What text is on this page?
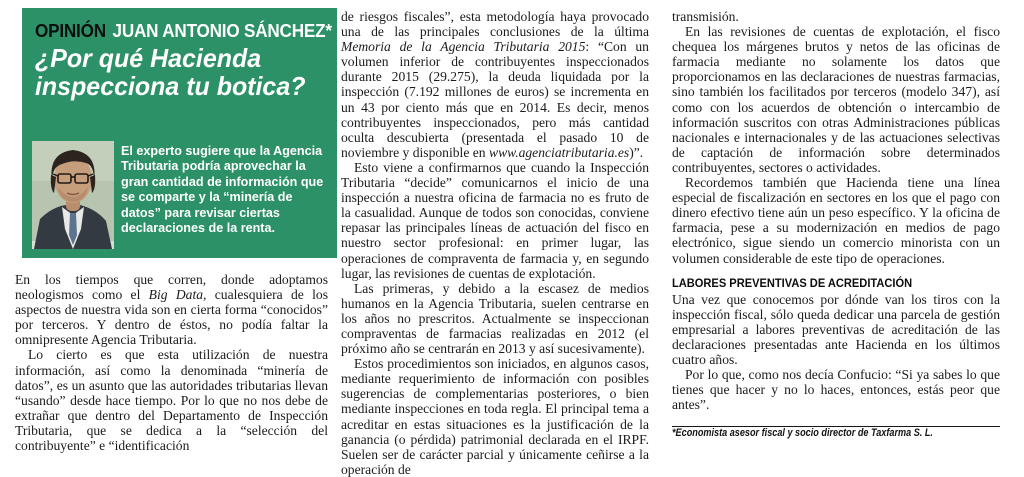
OPINIÓN JUAN ANTONIO SÁNCHEZ*
¿Por qué Hacienda
inspecciona tu botica?
El experto sugiere que la Agencia Tributaria podría aprovechar la gran cantidad de información que se comparte y la “minería de datos” para revisar ciertas declaraciones de la renta.

En los tiempos que corren, donde adoptamos neologismos como el Big Data, cualesquiera de los aspectos de nuestra vida son en cierta forma “conocidos” por terceros. Y dentro de éstos, no podía faltar la omnipresente Agencia Tributaria.

Lo cierto es que esta utilización de nuestra información, así como la denominada “minería de datos”, es un asunto que las autoridades tributarias llevan “usando” desde hace tiempo. Por lo que no nos debe de extrañar que dentro del Departamento de Inspección Tributaria, que se dedica a la “selección del contribuyente” e “identificación

de riesgos fiscales”, esta metodología haya provocado una de las principales conclusiones de la última Memoria de la Agencia Tributaria 2015: “Con un volumen inferior de contribuyentes inspeccionados durante 2015 (29.275), la deuda liquidada por la inspección (7.192 millones de euros) se incrementa en un 43 por ciento más que en 2014. Es decir, menos contribuyentes inspeccionados, pero más cantidad oculta descubierta (presentada el pasado 10 de noviembre y disponible en www.agenciatributaria.es)”.

Esto viene a confirmarnos que cuando la Inspección Tributaria “decide” comunicarnos el inicio de una inspección a nuestra oficina de farmacia no es fruto de la casualidad. Aunque de todos son conocidas, conviene repasar las principales líneas de actuación del fisco en nuestro sector profesional: en primer lugar, las operaciones de compraventa de farmacia y, en segundo lugar, las revisiones de cuentas de explotación.

Las primeras, y debido a la escasez de medios humanos en la Agencia Tributaria, suelen centrarse en los años no prescritos. Actualmente se inspeccionan compraventas de farmacias realizadas en 2012 (el próximo año se centrarán en 2013 y así sucesivamente).

Estos procedimientos son iniciados, en algunos casos, mediante requerimiento de información con posibles sugerencias de complementarias posteriores, o bien mediante inspecciones en toda regla. El principal tema a acreditar en estas situaciones es la justificación de la ganancia (o pérdida) patrimonial declarada en el IRPF. Suelen ser de carácter parcial y únicamente ceñirse a la operación de

transmisión.

En las revisiones de cuentas de explotación, el fisco chequea los márgenes brutos y netos de las oficinas de farmacia mediante no solamente los datos que proporcionamos en las declaraciones de nuestras farmacias, sino también los facilitados por terceros (modelo 347), así como con los acuerdos de obtención o intercambio de información suscritos con otras Administraciones públicas nacionales e internacionales y de las actuaciones selectivas de captación de información sobre determinados contribuyentes, sectores o actividades.

Recordemos también que Hacienda tiene una línea especial de fiscalización en sectores en los que el pago con dinero efectivo tiene aún un peso específico. Y la oficina de farmacia, pese a su modernización en medios de pago electrónico, sigue siendo un comercio minorista con un volumen considerable de este tipo de operaciones.

LABORES PREVENTIVAS DE ACREDITACIÓN

Una vez que conocemos por dónde van los tiros con la inspección fiscal, sólo queda dedicar una parcela de gestión empresarial a labores preventivas de acreditación de las declaraciones presentadas ante Hacienda en los últimos cuatro años.

Por lo que, como nos decía Confucio: “Si ya sabes lo que tienes que hacer y no lo haces, entonces, estás peor que antes”.

*Economista asesor fiscal y socio director de Taxfarma S. L.
